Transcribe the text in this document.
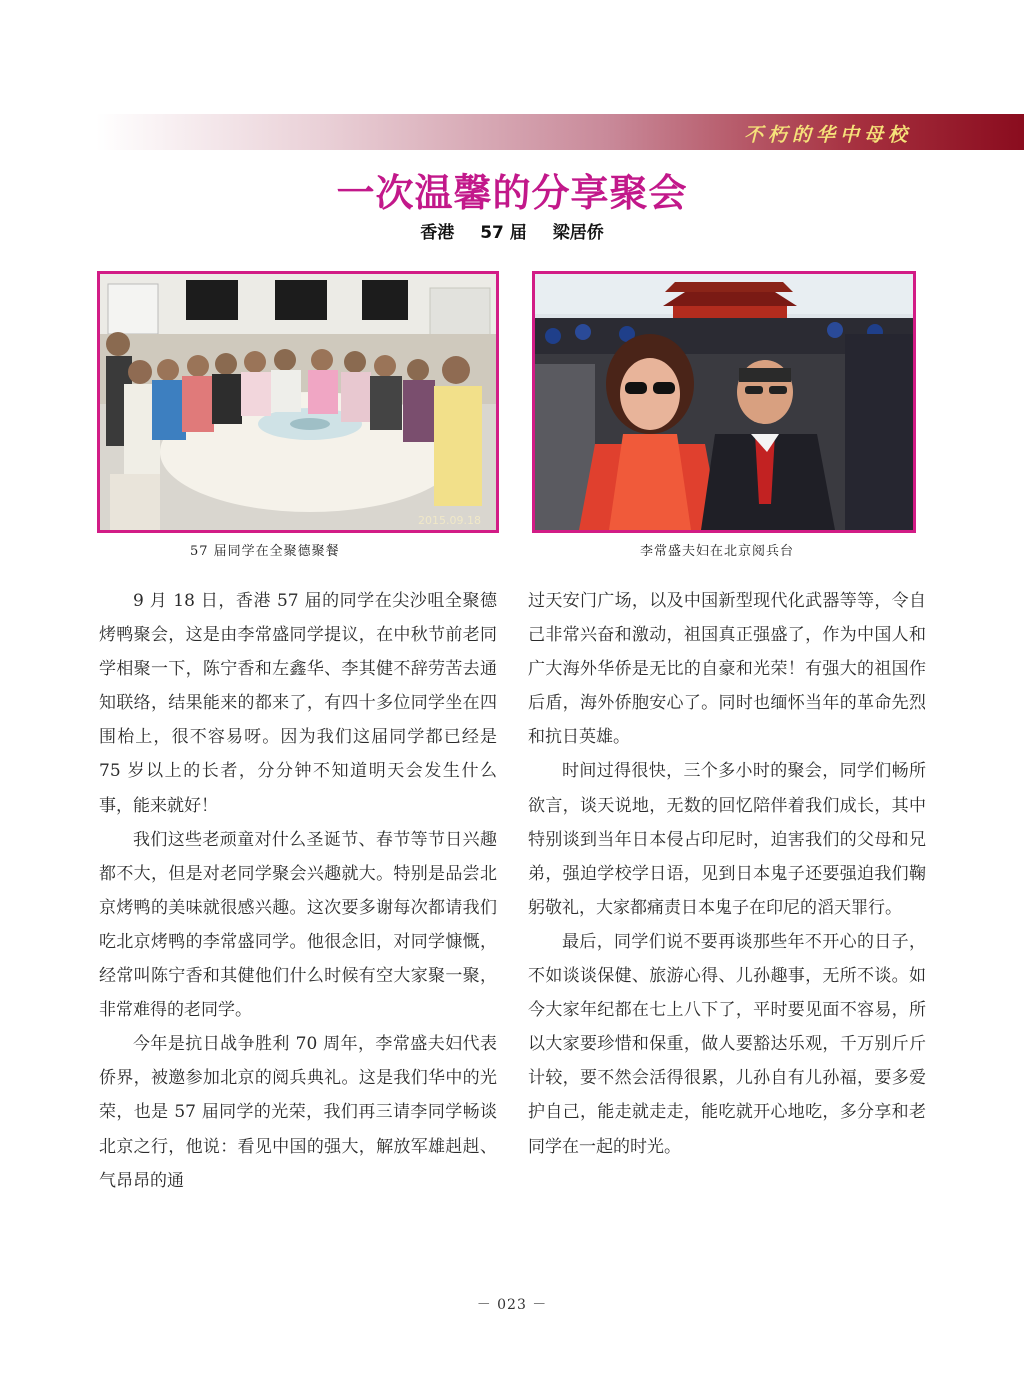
不朽的华中母校
一次温馨的分享聚会
香港 57 届 梁居侨
2015.09.18
57 届同学在全聚德聚餐	李常盛夫妇在北京阅兵台

9 月 18 日，香港 57 届的同学在尖沙咀全聚德烤鸭聚会，这是由李常盛同学提议，在中秋节前老同学相聚一下，陈宁香和左鑫华、李其健不辞劳苦去通知联络，结果能来的都来了，有四十多位同学坐在四围枱上，很不容易呀。因为我们这届同学都已经是 75 岁以上的长者，分分钟不知道明天会发生什么事，能来就好！

我们这些老顽童对什么圣诞节、春节等节日兴趣都不大，但是对老同学聚会兴趣就大。特别是品尝北京烤鸭的美味就很感兴趣。这次要多谢每次都请我们吃北京烤鸭的李常盛同学。他很念旧，对同学慷慨，经常叫陈宁香和其健他们什么时候有空大家聚一聚，非常难得的老同学。

今年是抗日战争胜利 70 周年，李常盛夫妇代表侨界，被邀参加北京的阅兵典礼。这是我们华中的光荣，也是 57 届同学的光荣，我们再三请李同学畅谈北京之行，他说：看见中国的强大，解放军雄赳赳、气昂昂的通

过天安门广场，以及中国新型现代化武器等等，令自己非常兴奋和激动，祖国真正强盛了，作为中国人和广大海外华侨是无比的自豪和光荣！有强大的祖国作后盾，海外侨胞安心了。同时也缅怀当年的革命先烈和抗日英雄。

时间过得很快，三个多小时的聚会，同学们畅所欲言，谈天说地，无数的回忆陪伴着我们成长，其中特别谈到当年日本侵占印尼时，迫害我们的父母和兄弟，强迫学校学日语，见到日本鬼子还要强迫我们鞠躬敬礼，大家都痛责日本鬼子在印尼的滔天罪行。

最后，同学们说不要再谈那些年不开心的日子，不如谈谈保健、旅游心得、儿孙趣事，无所不谈。如今大家年纪都在七上八下了，平时要见面不容易，所以大家要珍惜和保重，做人要豁达乐观，千万别斤斤计较，要不然会活得很累，儿孙自有儿孙福，要多爱护自己，能走就走走，能吃就开心地吃，多分享和老同学在一起的时光。

－ 023 －
